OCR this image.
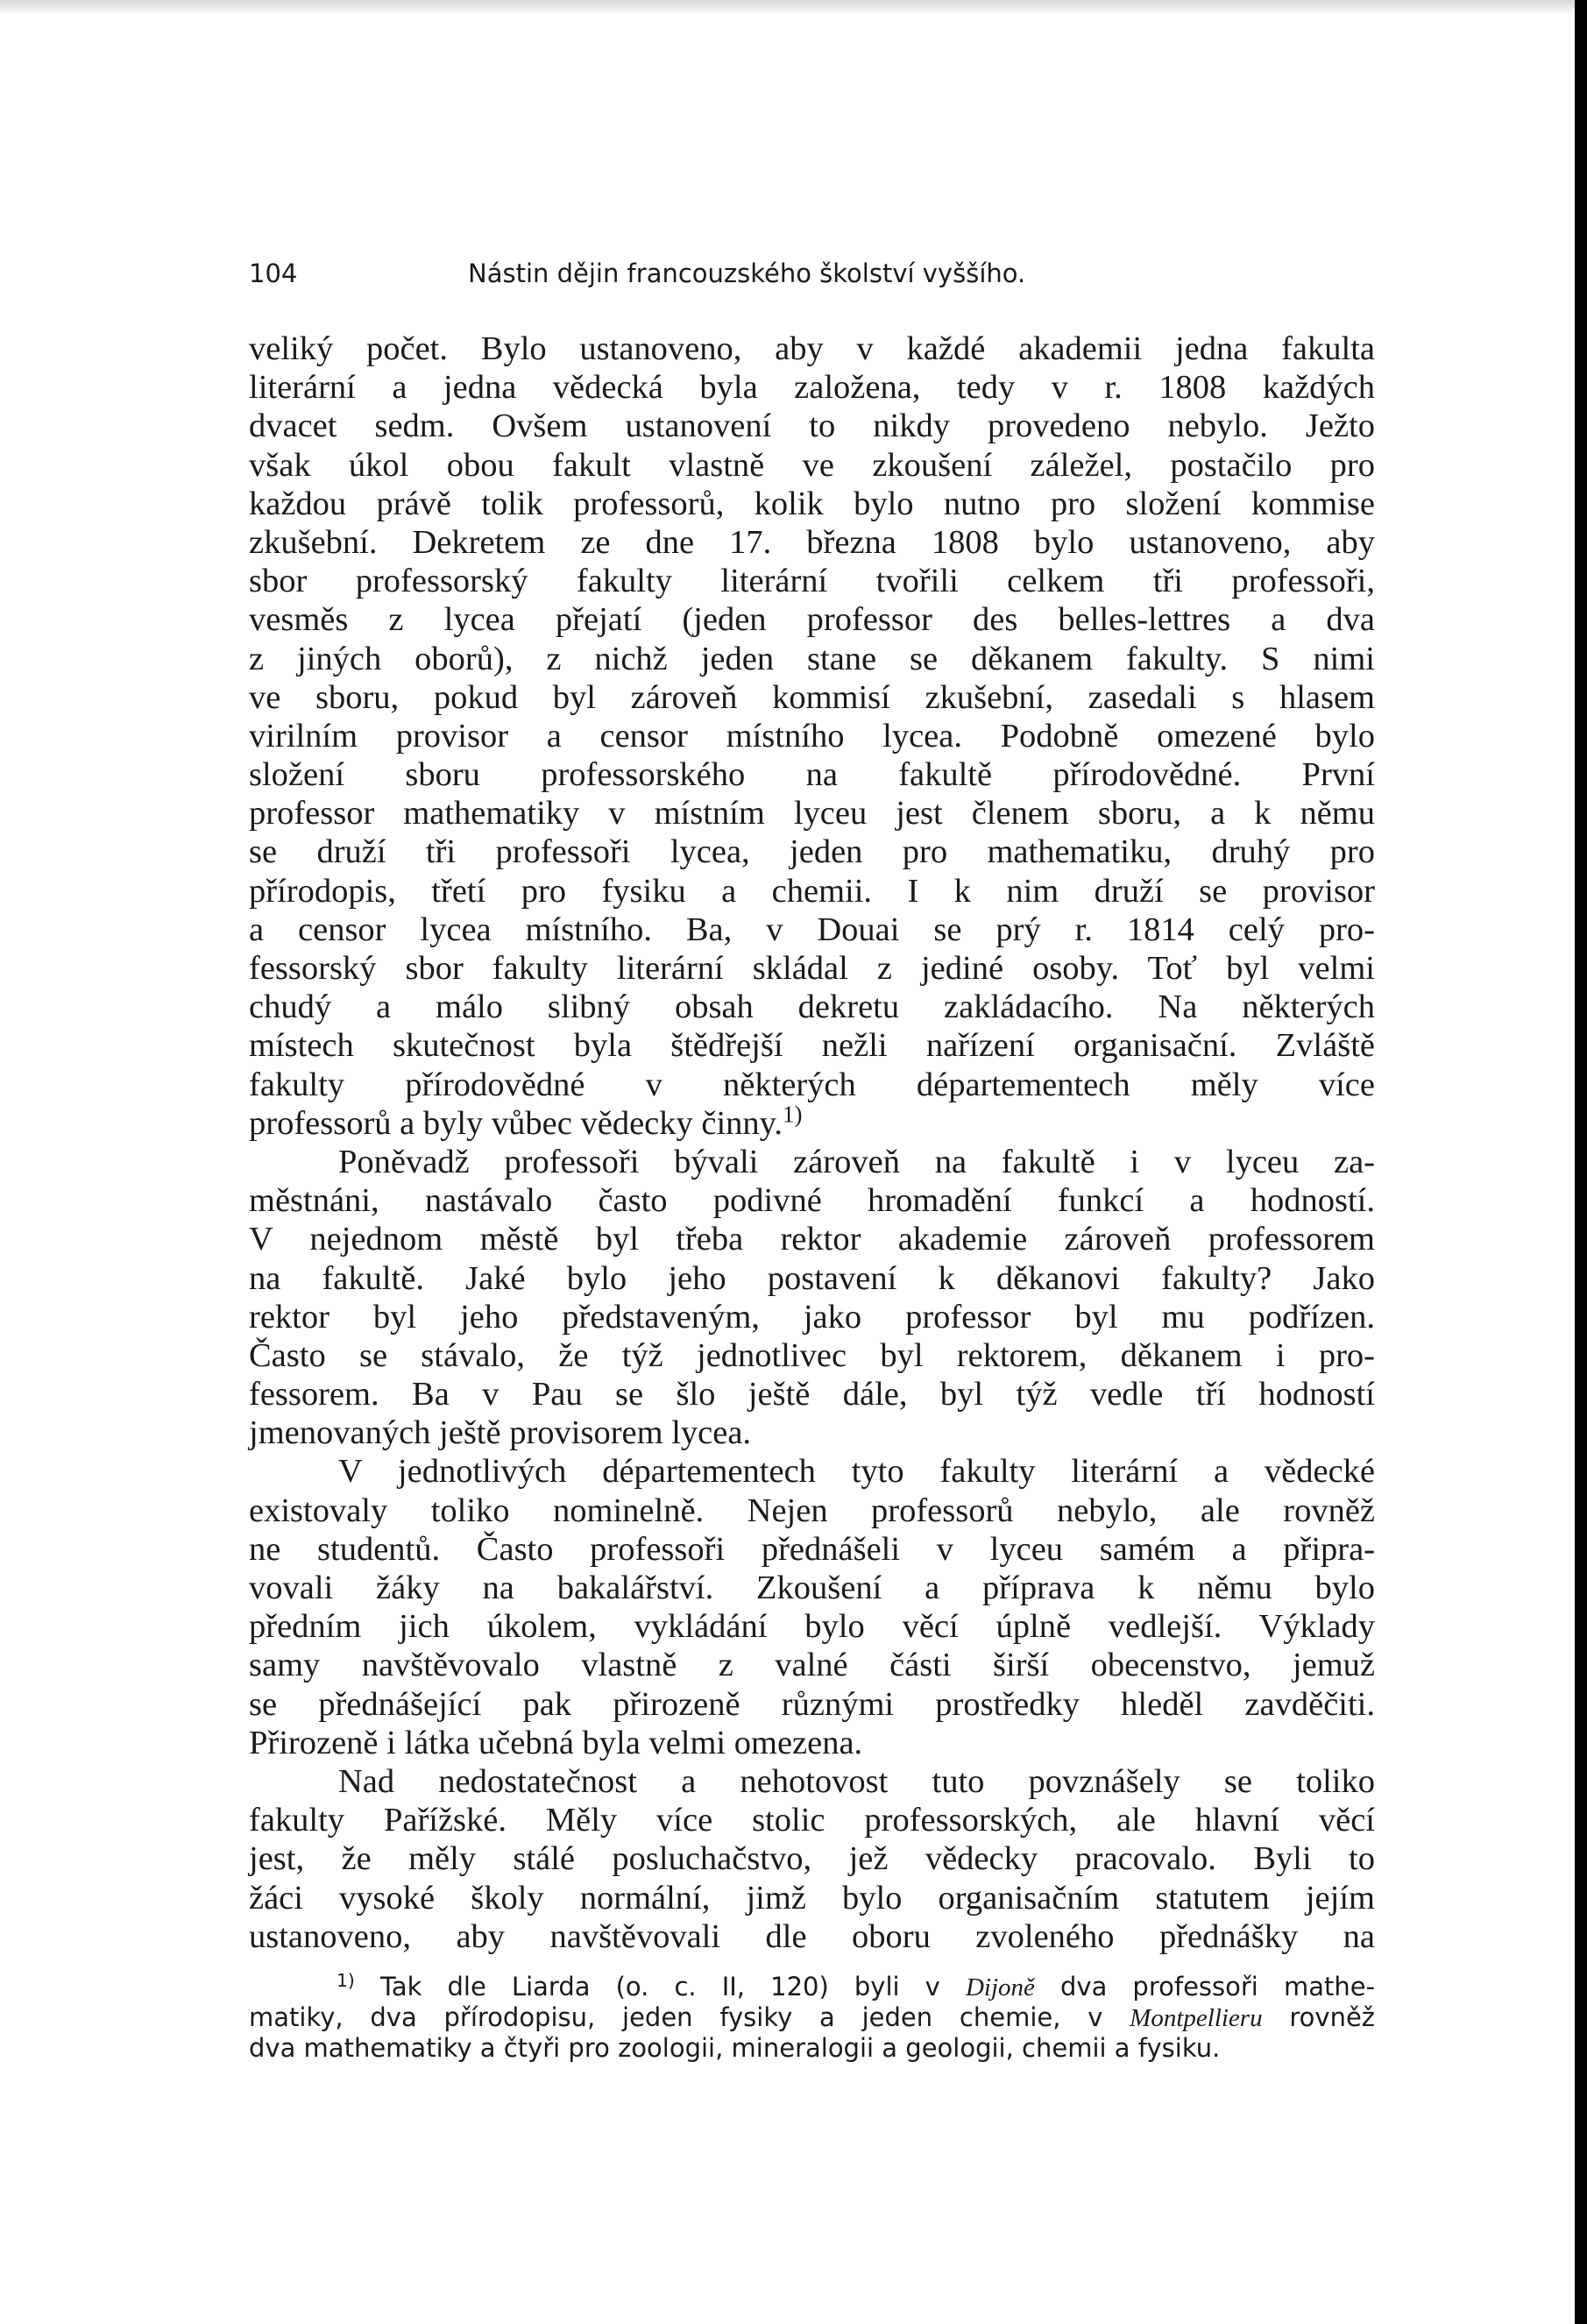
104	Nástin dějin francouzského školství vyššího.
veliký počet. Bylo ustanoveno, aby v každé akademii jedna fakulta
literární a jedna vědecká byla založena, tedy v r. 1808 každých
dvacet sedm. Ovšem ustanovení to nikdy provedeno nebylo. Ježto
však úkol obou fakult vlastně ve zkoušení záležel, postačilo pro
každou právě tolik professorů, kolik bylo nutno pro složení kommise
zkušební. Dekretem ze dne 17. března 1808 bylo ustanoveno, aby
sbor professorský fakulty literární tvořili celkem tři professoři,
vesměs z lycea přejatí (jeden professor des belles-lettres a dva
z jiných oborů), z nichž jeden stane se děkanem fakulty. S nimi
ve sboru, pokud byl zároveň kommisí zkušební, zasedali s hlasem
virilním provisor a censor místního lycea. Podobně omezené bylo
složení sboru professorského na fakultě přírodovědné. První
professor mathematiky v místním lyceu jest členem sboru, a k němu
se druží tři professoři lycea, jeden pro mathematiku, druhý pro
přírodopis, třetí pro fysiku a chemii. I k nim druží se provisor
a censor lycea místního. Ba, v Douai se prý r. 1814 celý pro-
fessorský sbor fakulty literární skládal z jediné osoby. Toť byl velmi
chudý a málo slibný obsah dekretu zakládacího. Na některých
místech skutečnost byla štědřejší nežli nařízení organisační. Zvláště
fakulty přírodovědné v některých départementech měly více
professorů a byly vůbec vědecky činny.$^{1)}$
Poněvadž professoři bývali zároveň na fakultě i v lyceu za-
městnáni, nastávalo často podivné hromadění funkcí a hodností.
V nejednom městě byl třeba rektor akademie zároveň professorem
na fakultě. Jaké bylo jeho postavení k děkanovi fakulty? Jako
rektor byl jeho představeným, jako professor byl mu podřízen.
Často se stávalo, že týž jednotlivec byl rektorem, děkanem i pro-
fessorem. Ba v Pau se šlo ještě dále, byl týž vedle tří hodností
jmenovaných ještě provisorem lycea.
V jednotlivých départementech tyto fakulty literární a vědecké
existovaly toliko nominelně. Nejen professorů nebylo, ale rovněž
ne studentů. Často professoři přednášeli v lyceu samém a připra-
vovali žáky na bakalářství. Zkoušení a příprava k němu bylo
předním jich úkolem, vykládání bylo věcí úplně vedlejší. Výklady
samy navštěvovalo vlastně z valné části širší obecenstvo, jemuž
se přednášející pak přirozeně různými prostředky hleděl zavděčiti.
Přirozeně i látka učebná byla velmi omezena.
Nad nedostatečnost a nehotovost tuto povznášely se toliko
fakulty Pařížské. Měly více stolic professorských, ale hlavní věcí
jest, že měly stálé posluchačstvo, jež vědecky pracovalo. Byli to
žáci vysoké školy normální, jimž bylo organisačním statutem jejím
ustanoveno, aby navštěvovali dle oboru zvoleného přednášky na
$^{1)}$ Tak dle Liarda (o. c. II, 120) byli v Dijoně dva professoři mathe-
matiky, dva přírodopisu, jeden fysiky a jeden chemie, v Montpellieru rovněž
dva mathematiky a čtyři pro zoologii, mineralogii a geologii, chemii a fysiku.
